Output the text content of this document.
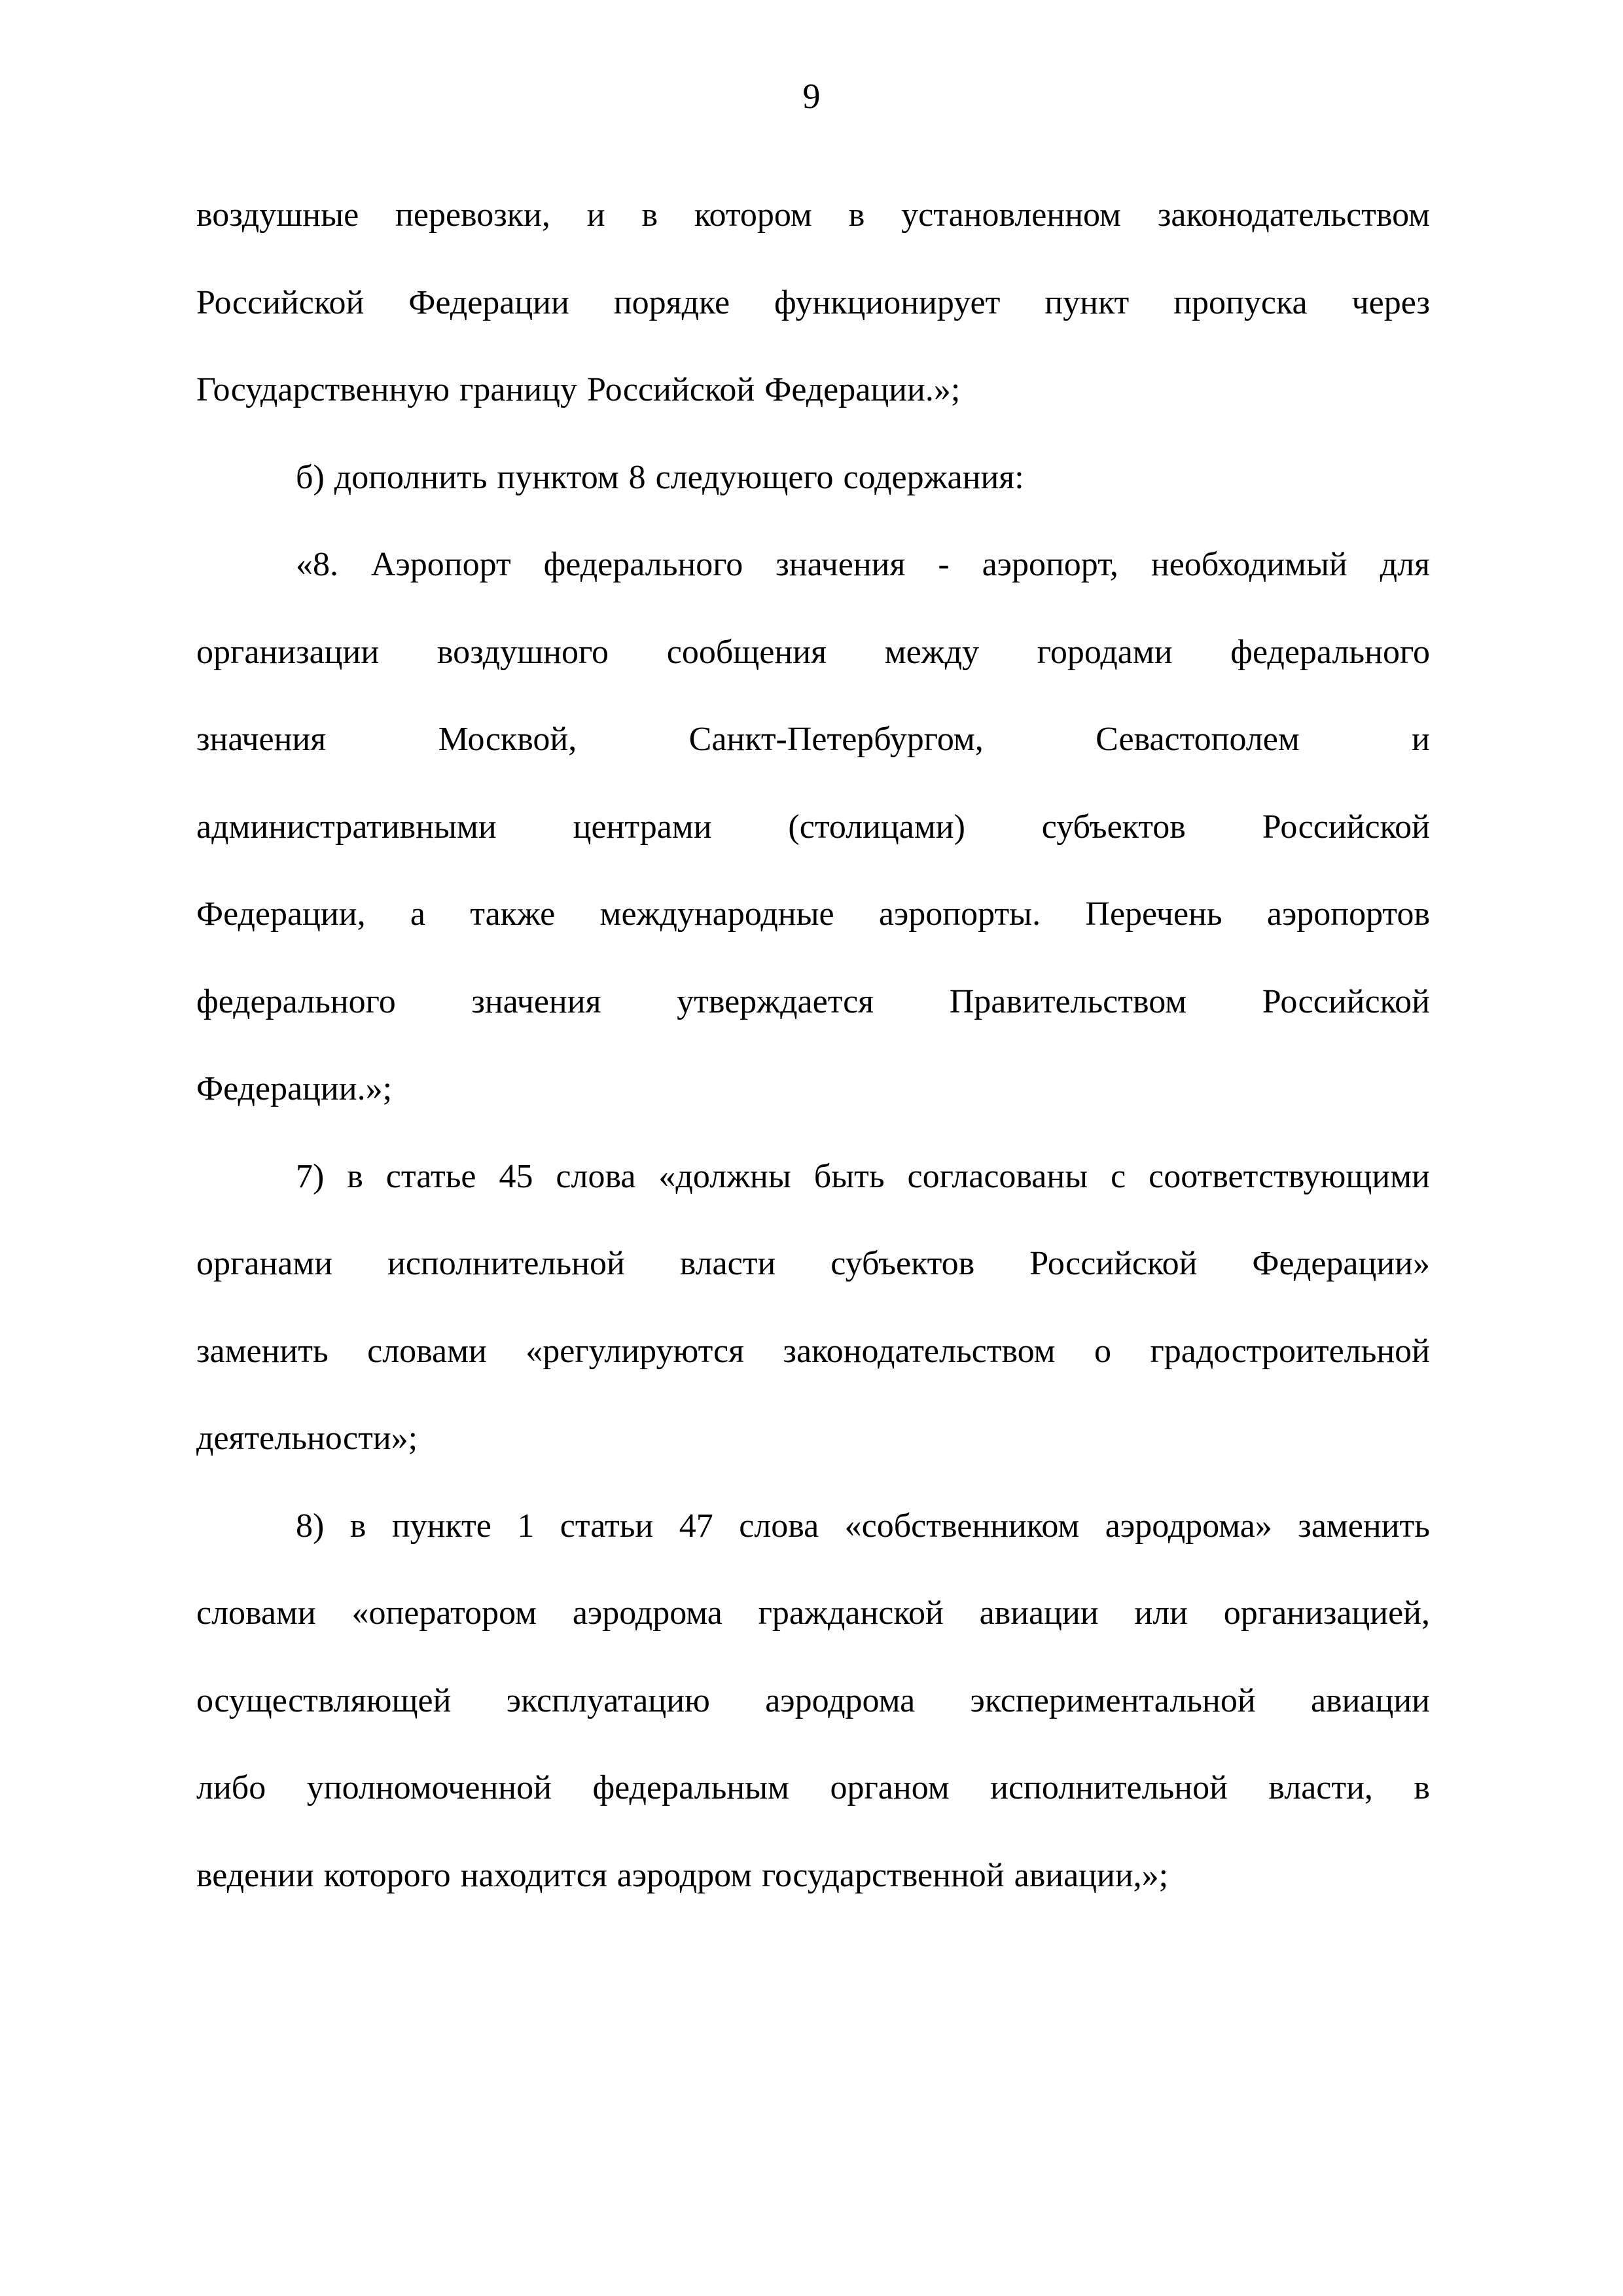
9
воздушные перевозки, и в котором в установленном законодательством
Российской Федерации порядке функционирует пункт пропуска через
Государственную границу Российской Федерации.»;
б) дополнить пунктом 8 следующего содержания:
«8. Аэропорт федерального значения - аэропорт, необходимый для
организации воздушного сообщения между городами федерального
значения Москвой, Санкт-Петербургом, Севастополем и
административными центрами (столицами) субъектов Российской
Федерации, а также международные аэропорты. Перечень аэропортов
федерального значения утверждается Правительством Российской
Федерации.»;
7) в статье 45 слова «должны быть согласованы с соответствующими
органами исполнительной власти субъектов Российской Федерации»
заменить словами «регулируются законодательством о градостроительной
деятельности»;
8) в пункте 1 статьи 47 слова «собственником аэродрома» заменить
словами «оператором аэродрома гражданской авиации или организацией,
осуществляющей эксплуатацию аэродрома экспериментальной авиации
либо уполномоченной федеральным органом исполнительной власти, в
ведении которого находится аэродром государственной авиации,»;
